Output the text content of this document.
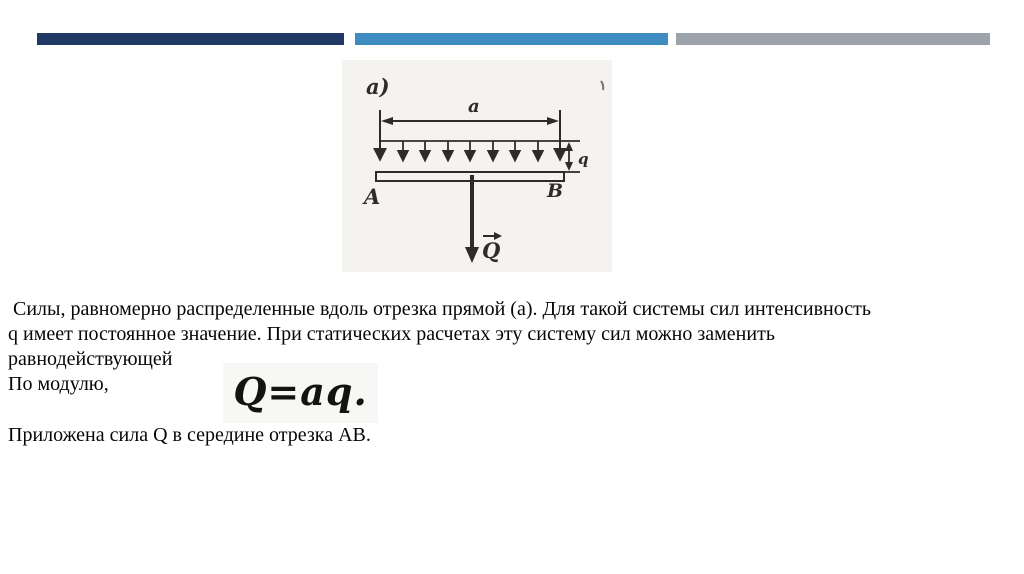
а)
а
q
A	B
Q
Силы, равномерно распределенные вдоль отрезка прямой (а). Для такой системы сил интенсивность
q имеет постоянное значение. При статических расчетах эту систему сил можно заменить
равнодействующей
По модулю,	Q=aq.
Приложена сила Q в середине отрезка АВ.
